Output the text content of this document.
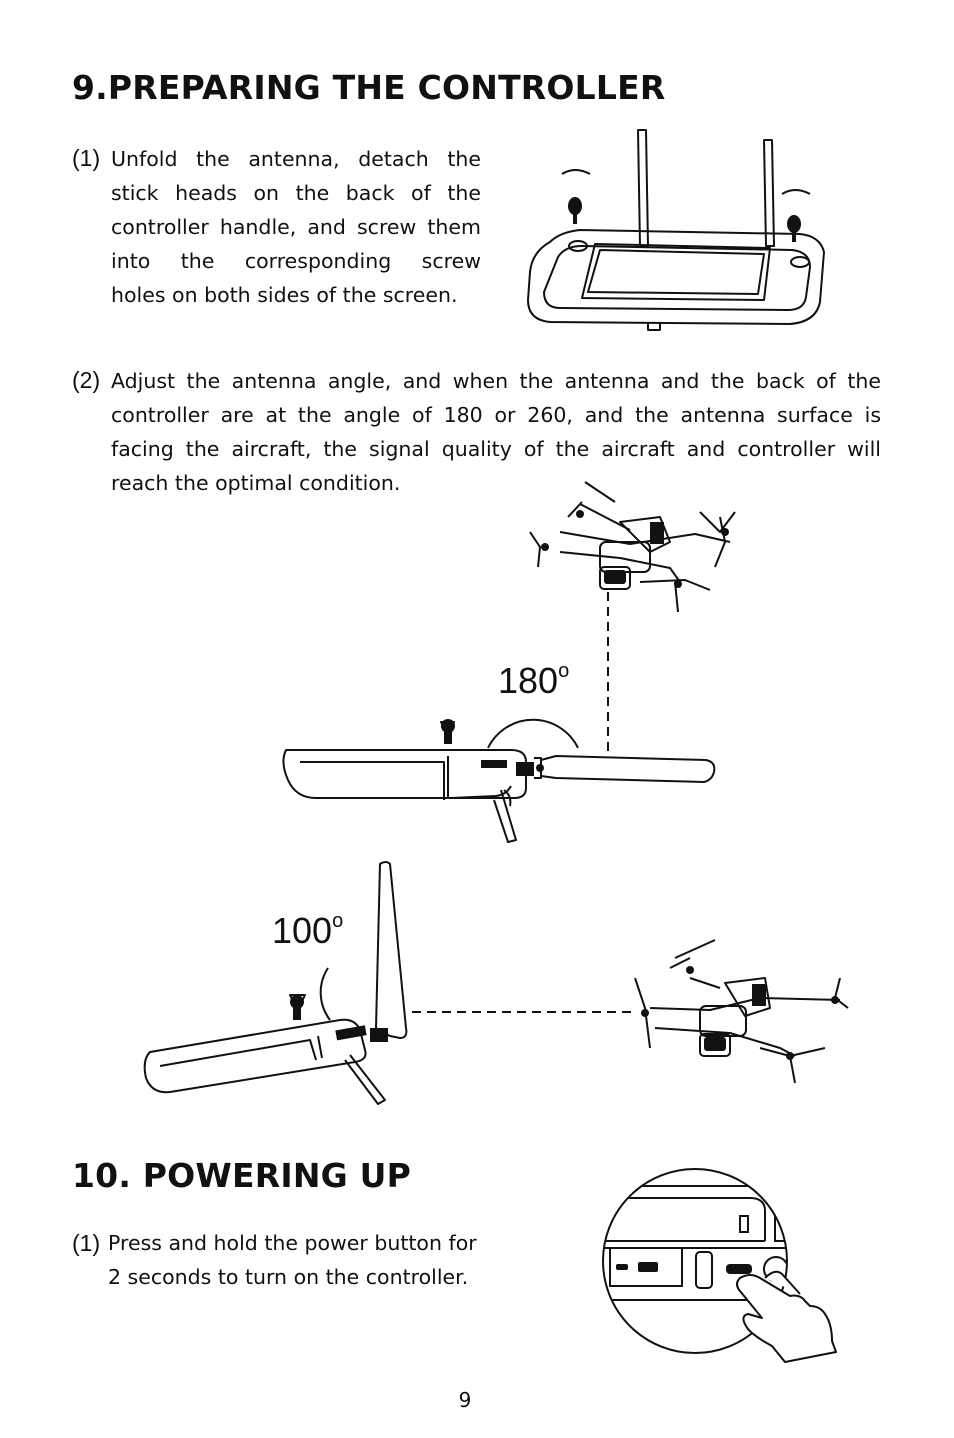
9.PREPARING THE CONTROLLER
(1) Unfold the antenna, detach the
stick heads on the back of the
controller handle, and screw them
into the corresponding screw
holes on both sides of the screen.
(2) Adjust the antenna angle, and when the antenna and the back of the
controller are at the angle of 180 or 260, and the antenna surface is
facing the aircraft, the signal quality of the aircraft and controller will
reach the optimal condition.
180$^o$
100$^o$
10. POWERING UP
(1) Press and hold the power button for
2 seconds to turn on the controller.
9
